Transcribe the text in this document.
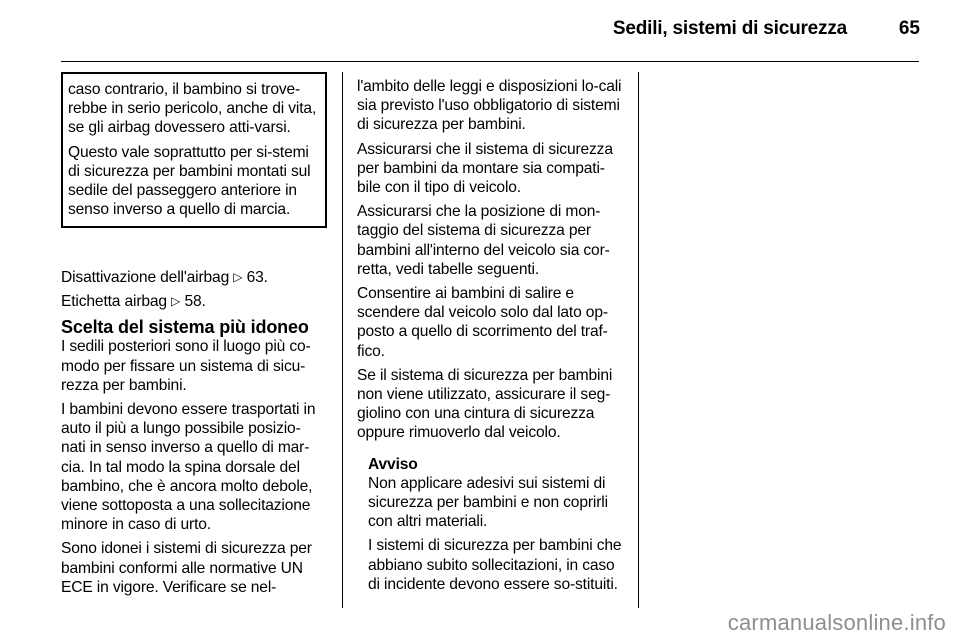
Sedili, sistemi di sicurezza	65

caso contrario, il bambino si trove-rebbe in serio pericolo, anche di vita, se gli airbag dovessero atti-varsi.

Questo vale soprattutto per si-stemi di sicurezza per bambini montati sul sedile del passeggero anteriore in senso inverso a quello di marcia.

Disattivazione dell'airbag ▷ 63.

Etichetta airbag ▷ 58.

Scelta del sistema più idoneo

I sedili posteriori sono il luogo più co-modo per fissare un sistema di sicu-rezza per bambini.

I bambini devono essere trasportati in auto il più a lungo possibile posizio-nati in senso inverso a quello di mar-cia. In tal modo la spina dorsale del bambino, che è ancora molto debole, viene sottoposta a una sollecitazione minore in caso di urto.

Sono idonei i sistemi di sicurezza per bambini conformi alle normative UN ECE in vigore. Verificare se nel-

l'ambito delle leggi e disposizioni lo-cali sia previsto l'uso obbligatorio di sistemi di sicurezza per bambini.

Assicurarsi che il sistema di sicurezza per bambini da montare sia compati-bile con il tipo di veicolo.

Assicurarsi che la posizione di mon-taggio del sistema di sicurezza per bambini all'interno del veicolo sia cor-retta, vedi tabelle seguenti.

Consentire ai bambini di salire e scendere dal veicolo solo dal lato op-posto a quello di scorrimento del traf-fico.

Se il sistema di sicurezza per bambini non viene utilizzato, assicurare il seg-giolino con una cintura di sicurezza oppure rimuoverlo dal veicolo.

Avviso

Non applicare adesivi sui sistemi di sicurezza per bambini e non coprirli con altri materiali.

I sistemi di sicurezza per bambini che abbiano subito sollecitazioni, in caso di incidente devono essere so-stituiti.

carmanualsonline.info
